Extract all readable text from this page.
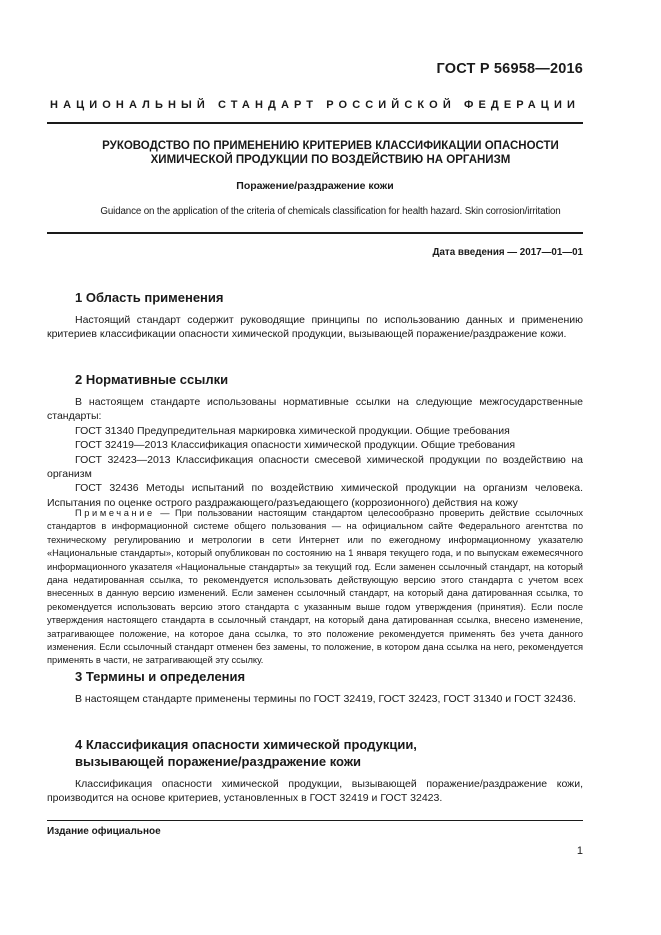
ГОСТ Р 56958—2016
НАЦИОНАЛЬНЫЙ СТАНДАРТ РОССИЙСКОЙ ФЕДЕРАЦИИ
РУКОВОДСТВО ПО ПРИМЕНЕНИЮ КРИТЕРИЕВ КЛАССИФИКАЦИИ ОПАСНОСТИ
ХИМИЧЕСКОЙ ПРОДУКЦИИ ПО ВОЗДЕЙСТВИЮ НА ОРГАНИЗМ
Поражение/раздражение кожи
Guidance on the application of the criteria of chemicals classification for health hazard. Skin corrosion/irritation
Дата введения — 2017—01—01
1 Область применения

Настоящий стандарт содержит руководящие принципы по использованию данных и применению критериев классификации опасности химической продукции, вызывающей поражение/раздражение кожи.

2 Нормативные ссылки

В настоящем стандарте использованы нормативные ссылки на следующие межгосударственные стандарты:

ГОСТ 31340 Предупредительная маркировка химической продукции. Общие требования

ГОСТ 32419—2013 Классификация опасности химической продукции. Общие требования

ГОСТ 32423—2013 Классификация опасности смесевой химической продукции по воздействию на организм

ГОСТ 32436 Методы испытаний по воздействию химической продукции на организм человека. Испытания по оценке острого раздражающего/разъедающего (коррозионного) действия на кожу

Примечание — При пользовании настоящим стандартом целесообразно проверить действие ссылочных стандартов в информационной системе общего пользования — на официальном сайте Федерального агентства по техническому регулированию и метрологии в сети Интернет или по ежегодному информационному указателю «Национальные стандарты», который опубликован по состоянию на 1 января текущего года, и по выпускам ежемесячного информационного указателя «Национальные стандарты» за текущий год. Если заменен ссылочный стандарт, на который дана недатированная ссылка, то рекомендуется использовать действующую версию этого стандарта с учетом всех внесенных в данную версию изменений. Если заменен ссылочный стандарт, на который дана датированная ссылка, то рекомендуется использовать версию этого стандарта с указанным выше годом утверждения (принятия). Если после утверждения настоящего стандарта в ссылочный стандарт, на который дана датированная ссылка, внесено изменение, затрагивающее положение, на которое дана ссылка, то это положение рекомендуется применять без учета данного изменения. Если ссылочный стандарт отменен без замены, то положение, в котором дана ссылка на него, рекомендуется применять в части, не затрагивающей эту ссылку.

3 Термины и определения

В настоящем стандарте применены термины по ГОСТ 32419, ГОСТ 32423, ГОСТ 31340 и ГОСТ 32436.

4 Классификация опасности химической продукции,
вызывающей поражение/раздражение кожи

Классификация опасности химической продукции, вызывающей поражение/раздражение кожи, производится на основе критериев, установленных в ГОСТ 32419 и ГОСТ 32423.

Издание официальное
1
